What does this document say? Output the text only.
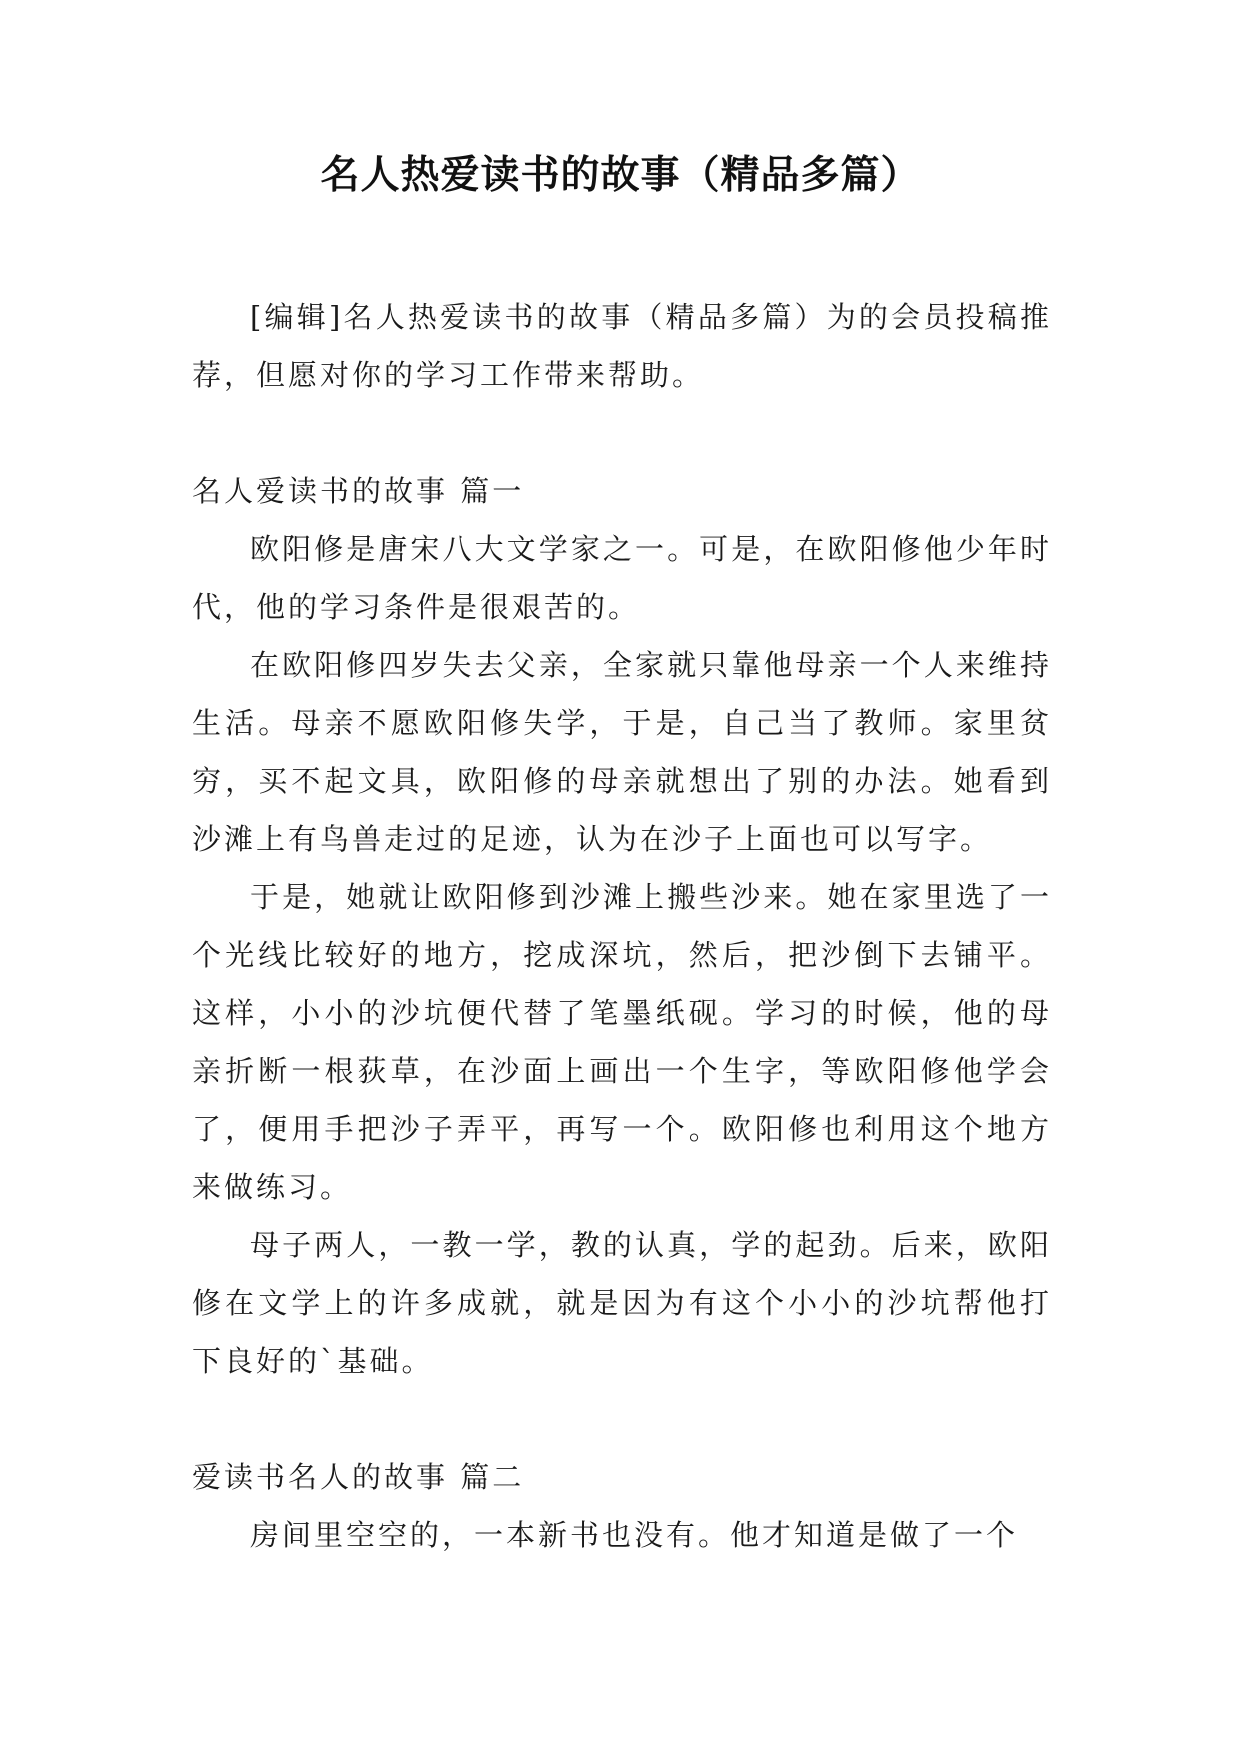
名人热爱读书的故事（精品多篇）

[编辑]名人热爱读书的故事（精品多篇）为的会员投稿推荐，但愿对你的学习工作带来帮助。

名人爱读书的故事 篇一

欧阳修是唐宋八大文学家之一。可是，在欧阳修他少年时代，他的学习条件是很艰苦的。

在欧阳修四岁失去父亲，全家就只靠他母亲一个人来维持生活。母亲不愿欧阳修失学，于是，自己当了教师。家里贫穷，买不起文具，欧阳修的母亲就想出了别的办法。她看到沙滩上有鸟兽走过的足迹，认为在沙子上面也可以写字。

于是，她就让欧阳修到沙滩上搬些沙来。她在家里选了一个光线比较好的地方，挖成深坑，然后，把沙倒下去铺平。这样，小小的沙坑便代替了笔墨纸砚。学习的时候，他的母亲折断一根荻草，在沙面上画出一个生字，等欧阳修他学会了，便用手把沙子弄平，再写一个。欧阳修也利用这个地方来做练习。

母子两人，一教一学，教的认真，学的起劲。后来，欧阳修在文学上的许多成就，就是因为有这个小小的沙坑帮他打下良好的`基础。

爱读书名人的故事 篇二

房间里空空的，一本新书也没有。他才知道是做了一个
